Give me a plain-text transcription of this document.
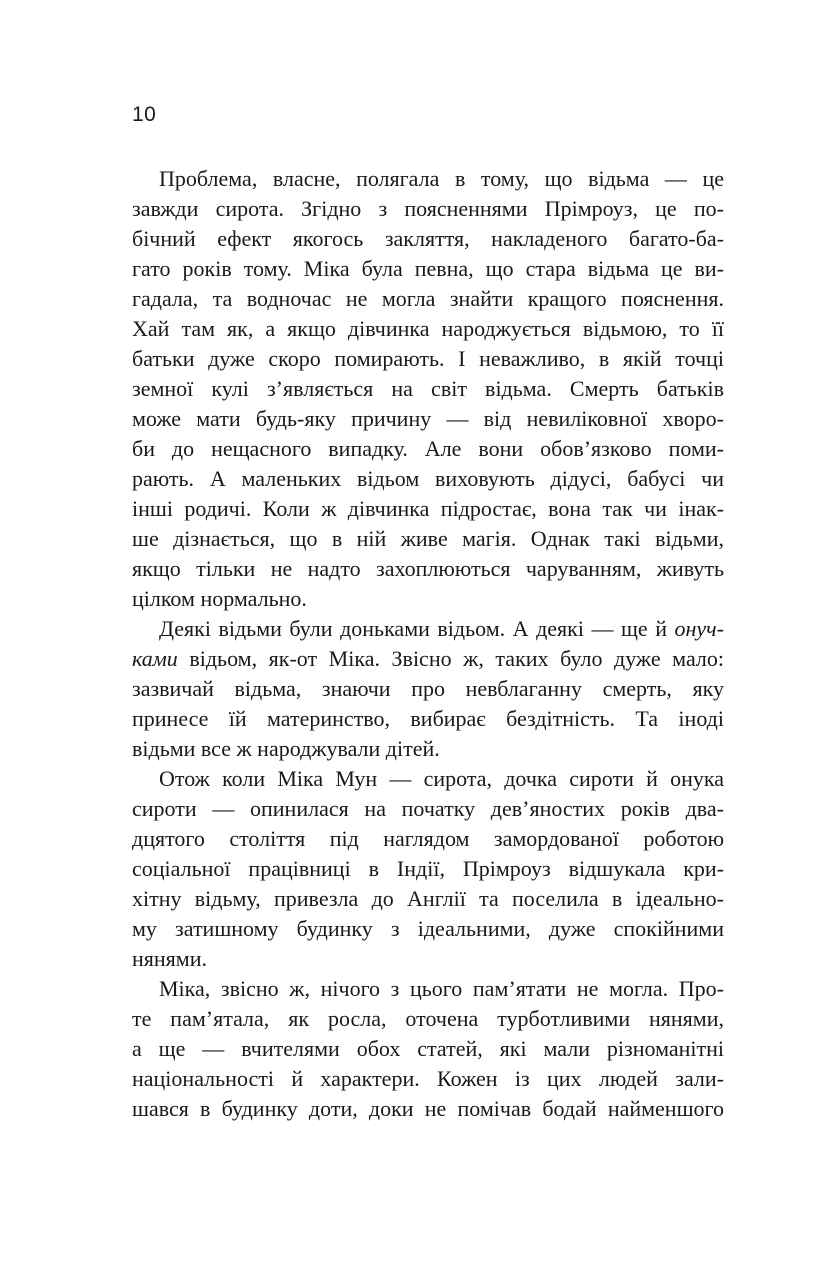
10
Проблема, власне, полягала в тому, що відьма — це
завжди сирота. Згідно з поясненнями Прімроуз, це по-
бічний ефект якогось закляття, накладеного багато-ба-
гато років тому. Міка була певна, що стара відьма це ви-
гадала, та водночас не могла знайти кращого пояснення.
Хай там як, а якщо дівчинка народжується відьмою, то її
батьки дуже скоро помирають. І неважливо, в якій точці
земної кулі з’являється на світ відьма. Смерть батьків
може мати будь-яку причину — від невиліковної хворо-
би до нещасного випадку. Але вони обов’язково поми-
рають. А маленьких відьом виховують дідусі, бабусі чи
інші родичі. Коли ж дівчинка підростає, вона так чи інак-
ше дізнається, що в ній живе магія. Однак такі відьми,
якщо тільки не надто захоплюються чаруванням, живуть
цілком нормально.
Деякі відьми були доньками відьом. А деякі — ще й онуч-
ками відьом, як-от Міка. Звісно ж, таких було дуже мало:
зазвичай відьма, знаючи про невблаганну смерть, яку
принесе їй материнство, вибирає бездітність. Та іноді
відьми все ж народжували дітей.
Отож коли Міка Мун — сирота, дочка сироти й онука
сироти — опинилася на початку дев’яностих років два-
дцятого століття під наглядом замордованої роботою
соціальної працівниці в Індії, Прімроуз відшукала кри-
хітну відьму, привезла до Англії та поселила в ідеально-
му затишному будинку з ідеальними, дуже спокійними
нянями.
Міка, звісно ж, нічого з цього пам’ятати не могла. Про-
те пам’ятала, як росла, оточена турботливими нянями,
а ще — вчителями обох статей, які мали різноманітні
національності й характери. Кожен із цих людей зали-
шався в будинку доти, доки не помічав бодай найменшого
